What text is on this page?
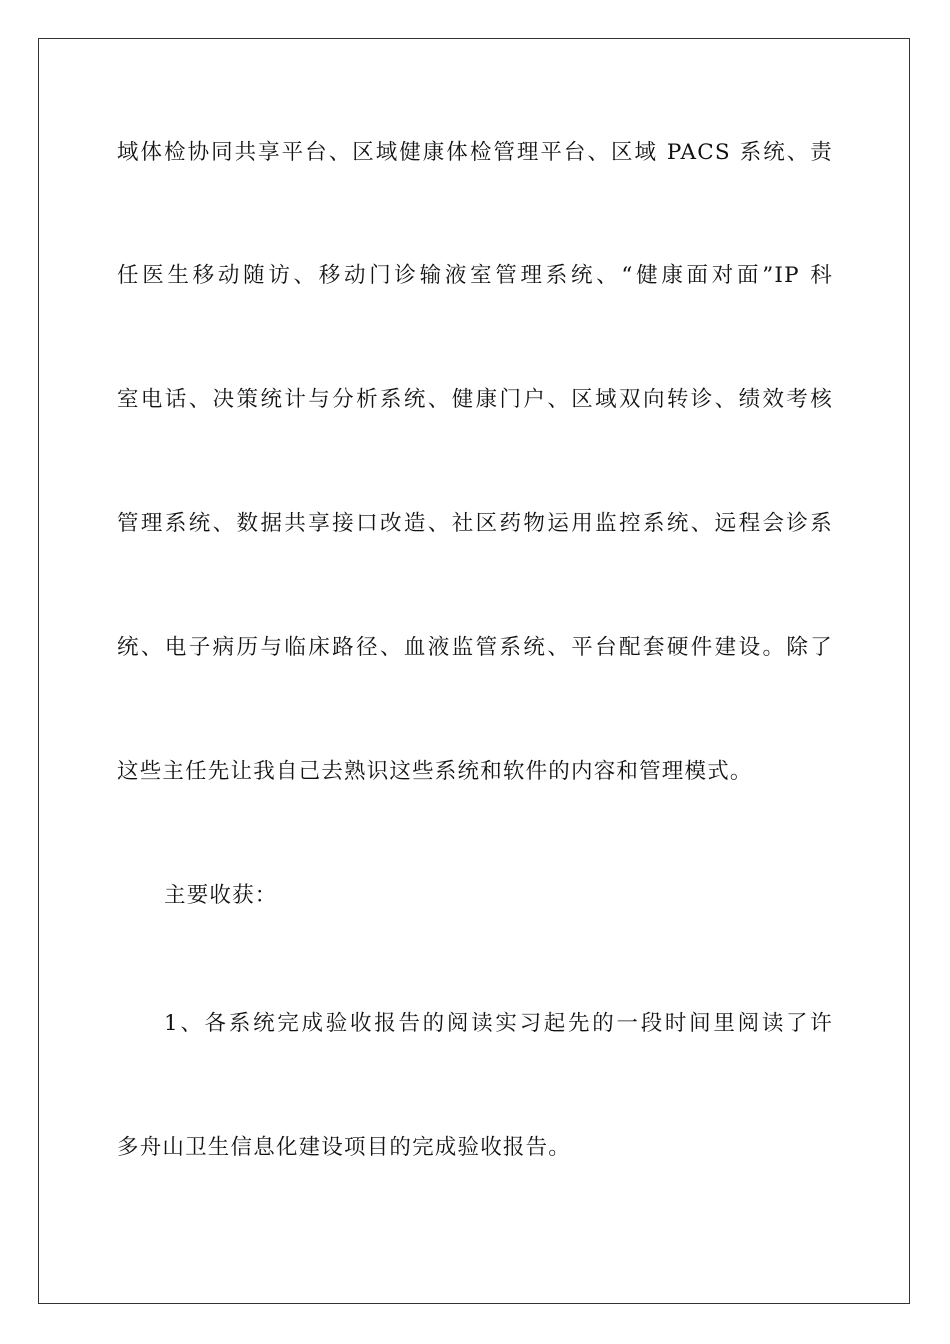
域体检协同共享平台、区域健康体检管理平台、区域 PACS 系统、责
任医生移动随访、移动门诊输液室管理系统、“健康面对面”IP 科
室电话、决策统计与分析系统、健康门户、区域双向转诊、绩效考核
管理系统、数据共享接口改造、社区药物运用监控系统、远程会诊系
统、电子病历与临床路径、血液监管系统、平台配套硬件建设。除了
这些主任先让我自己去熟识这些系统和软件的内容和管理模式。
主要收获：
1、各系统完成验收报告的阅读实习起先的一段时间里阅读了许
多舟山卫生信息化建设项目的完成验收报告。
